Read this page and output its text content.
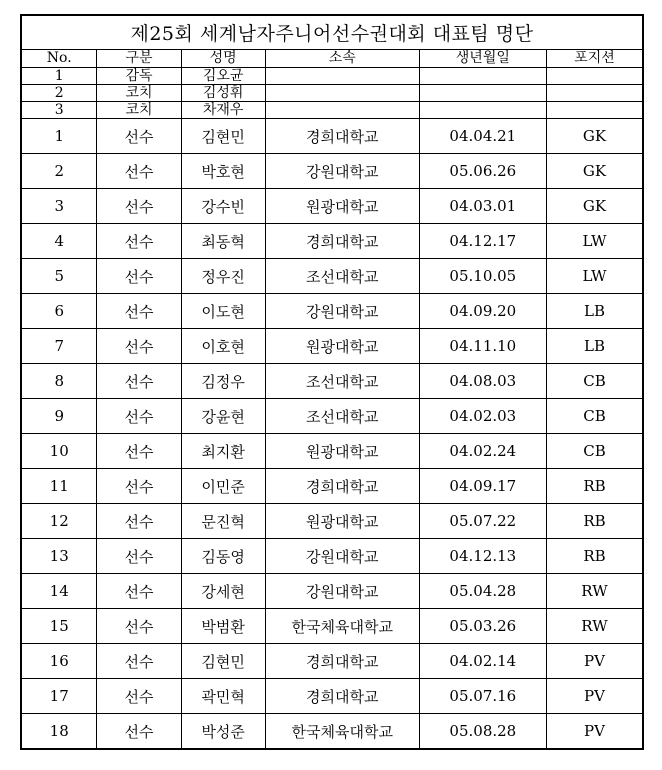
제25회 세계남자주니어선수권대회 대표팀 명단					
No.	구분	성명	소속	생년월일	포지션
1	감독	김오균			
2	코치	김성휘			
3	코치	차재우			
1	선수	김현민	경희대학교	04.04.21	GK
2	선수	박호현	강원대학교	05.06.26	GK
3	선수	강수빈	원광대학교	04.03.01	GK
4	선수	최동혁	경희대학교	04.12.17	LW
5	선수	정우진	조선대학교	05.10.05	LW
6	선수	이도현	강원대학교	04.09.20	LB
7	선수	이호현	원광대학교	04.11.10	LB
8	선수	김정우	조선대학교	04.08.03	CB
9	선수	강윤현	조선대학교	04.02.03	CB
10	선수	최지환	원광대학교	04.02.24	CB
11	선수	이민준	경희대학교	04.09.17	RB
12	선수	문진혁	원광대학교	05.07.22	RB
13	선수	김동영	강원대학교	04.12.13	RB
14	선수	강세현	강원대학교	05.04.28	RW
15	선수	박범환	한국체육대학교	05.03.26	RW
16	선수	김현민	경희대학교	04.02.14	PV
17	선수	곽민혁	경희대학교	05.07.16	PV
18	선수	박성준	한국체육대학교	05.08.28	PV
